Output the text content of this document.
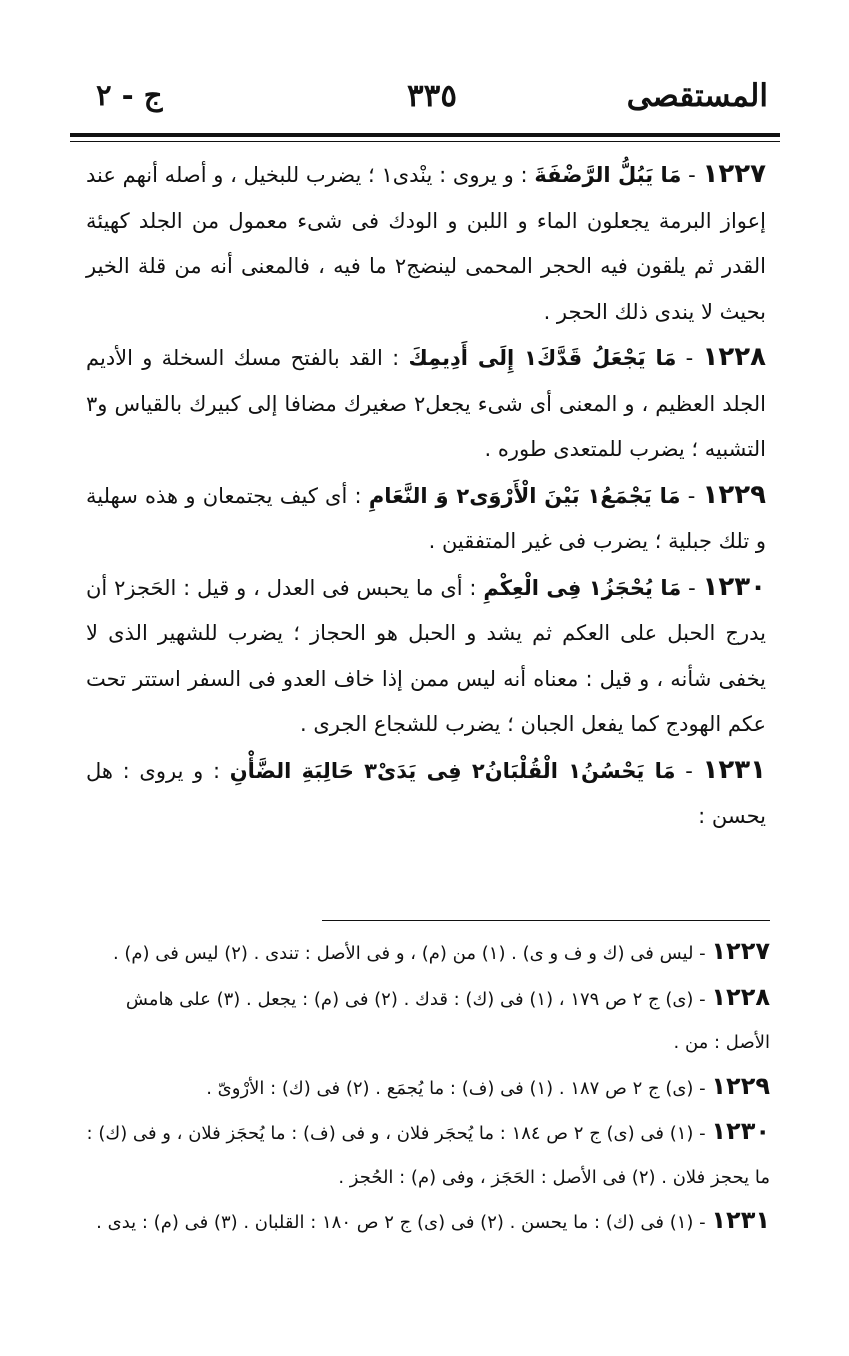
المستقصى
٣٣٥
ج - ٢

١٢٢٧ - مَا يَبُلُّ الرَّضْفَةَ : و يروى : ينْدى١ ؛ يضرب للبخيل ، و أصله أنهم عند إعواز البرمة يجعلون الماء و اللبن و الودك فى شىء معمول من الجلد كهيئة القدر ثم يلقون فيه الحجر المحمى لينضج٢ ما فيه ، فالمعنى أنه من قلة الخير بحيث لا يندى ذلك الحجر .

١٢٢٨ - مَا يَجْعَلُ قَدَّكَ١ إِلَى أَدِيمِكَ : القد بالفتح مسك السخلة و الأديم الجلد العظيم ، و المعنى أى شىء يجعل٢ صغيرك مضافا إلى كبيرك بالقياس و٣ التشبيه ؛ يضرب للمتعدى طوره .

١٢٢٩ - مَا يَجْمَعُ١ بَيْنَ الْأَرْوَى٢ وَ النَّعَامِ : أى كيف يجتمعان و هذه سهلية و تلك جبلية ؛ يضرب فى غير المتفقين .

١٢٣٠ - مَا يُحْجَزُ١ فِى الْعِكْمِ : أى ما يحبس فى العدل ، و قيل : الحَجز٢ أن يدرج الحبل على العكم ثم يشد و الحبل هو الحجاز ؛ يضرب للشهير الذى لا يخفى شأنه ، و قيل : معناه أنه ليس ممن إذا خاف العدو فى السفر استتر تحت عكم الهودج كما يفعل الجبان ؛ يضرب للشجاع الجرى .

١٢٣١ - مَا يَحْسُنُ١ الْقُلْبَانُ٢ فِى يَدَىْ٣ حَالِبَةِ الضَّأْنِ : و يروى : هل يحسن :

١٢٢٧ - ليس فى (ك و ف و ى) . (١) من (م) ، و فى الأصل : تندى . (٢) ليس فى (م) .

١٢٢٨ - (ى) ج ٢ ص ١٧٩ ، (١) فى (ك) : قدك . (٢) فى (م) : يجعل . (٣) على هامش الأصل : من .

١٢٢٩ - (ى) ج ٢ ص ١٨٧ . (١) فى (ف) : ما يُجمَع . (٢) فى (ك) : الأرْوىّ .

١٢٣٠ - (١) فى (ى) ج ٢ ص ١٨٤ : ما يُحجَر فلان ، و فى (ف) : ما يُحجَز فلان ، و فى (ك) : ما يحجز فلان . (٢) فى الأصل : الحَجَز ، وفى (م) : الحُجز .

١٢٣١ - (١) فى (ك) : ما يحسن . (٢) فى (ى) ج ٢ ص ١٨٠ : القلبان . (٣) فى (م) : يدى .
